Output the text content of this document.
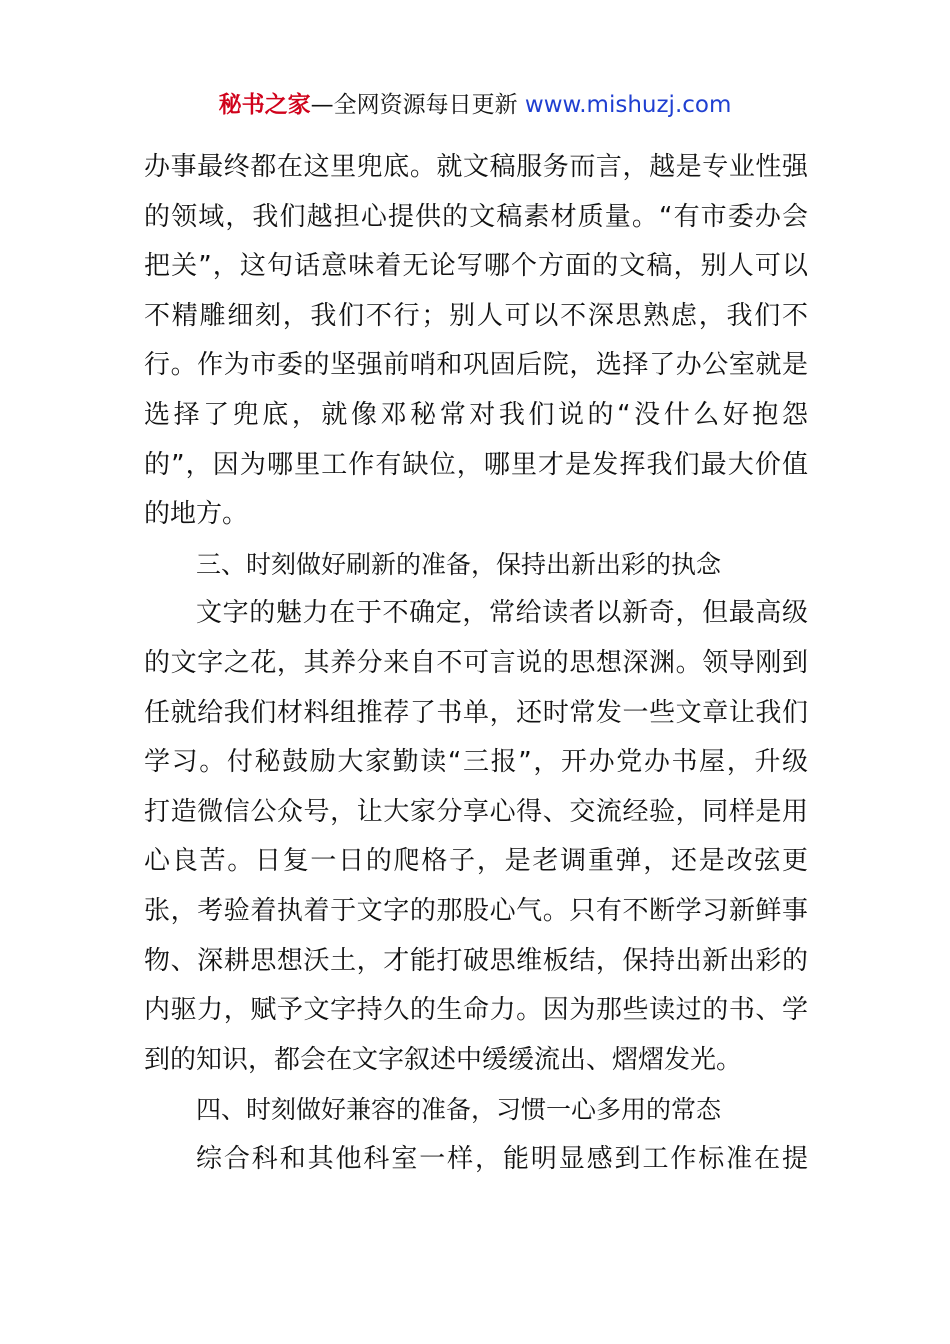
秘书之家—全网资源每日更新 www.mishuzj.com
办事最终都在这里兜底。就文稿服务而言，越是专业性强
的领域，我们越担心提供的文稿素材质量。“有市委办会
把关”，这句话意味着无论写哪个方面的文稿，别人可以
不精雕细刻，我们不行；别人可以不深思熟虑，我们不
行。作为市委的坚强前哨和巩固后院，选择了办公室就是
选择了兜底，就像邓秘常对我们说的“没什么好抱怨
的”，因为哪里工作有缺位，哪里才是发挥我们最大价值
的地方。
三、时刻做好刷新的准备，保持出新出彩的执念
文字的魅力在于不确定，常给读者以新奇，但最高级
的文字之花，其养分来自不可言说的思想深渊。领导刚到
任就给我们材料组推荐了书单，还时常发一些文章让我们
学习。付秘鼓励大家勤读“三报”，开办党办书屋，升级
打造微信公众号，让大家分享心得、交流经验，同样是用
心良苦。日复一日的爬格子，是老调重弹，还是改弦更
张，考验着执着于文字的那股心气。只有不断学习新鲜事
物、深耕思想沃土，才能打破思维板结，保持出新出彩的
内驱力，赋予文字持久的生命力。因为那些读过的书、学
到的知识，都会在文字叙述中缓缓流出、熠熠发光。
四、时刻做好兼容的准备，习惯一心多用的常态
综合科和其他科室一样，能明显感到工作标准在提
